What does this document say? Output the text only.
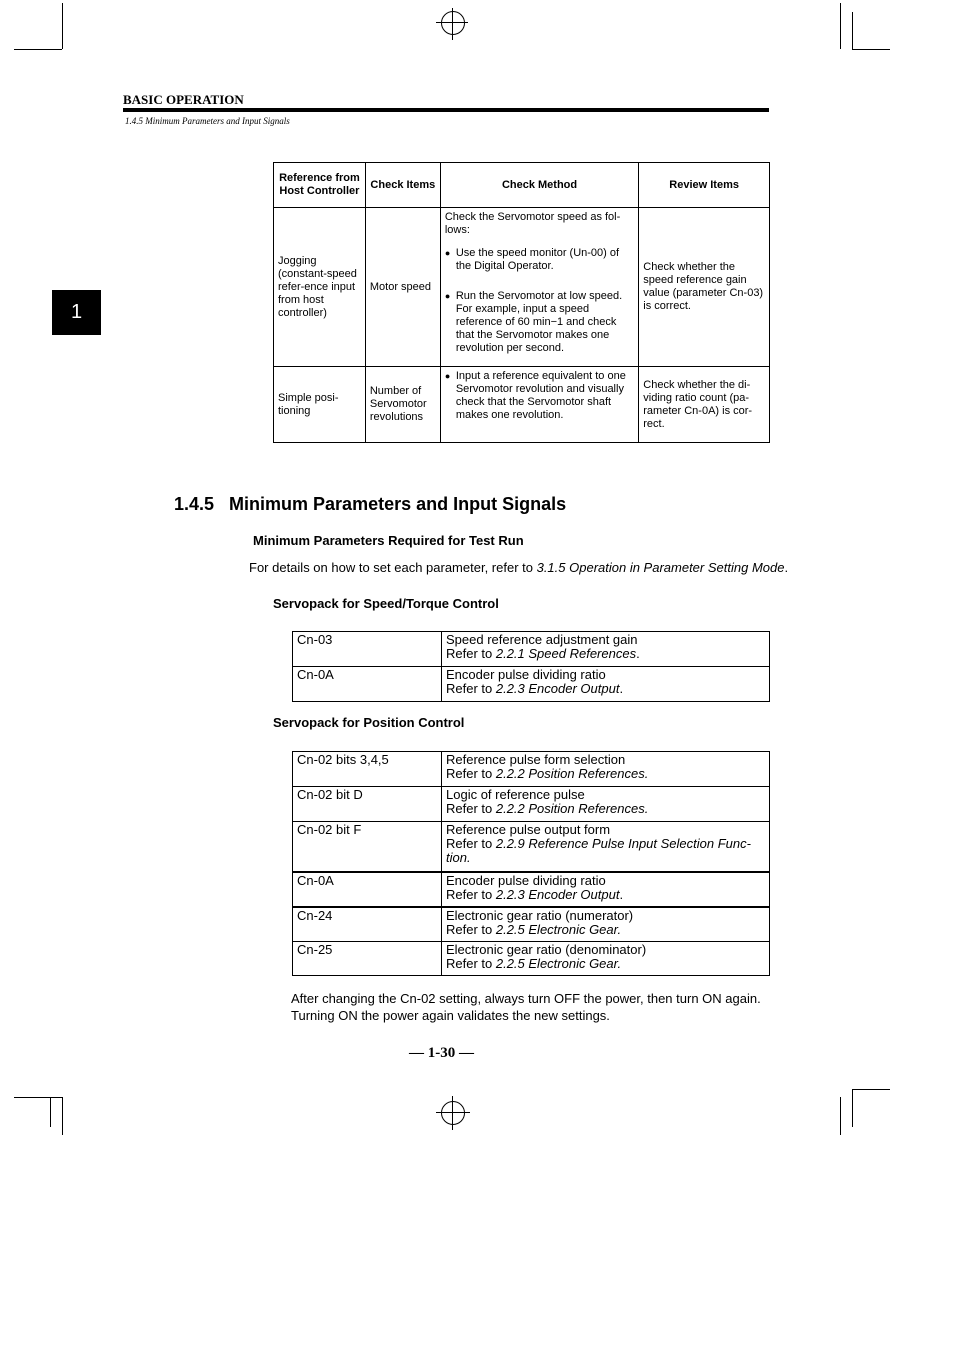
BASIC OPERATION
1.4.5 Minimum Parameters and Input Signals
1
Reference from Host Controller	Check Items	Check Method	Review Items
Jogging (constant-speed refer-ence input from host controller)	Motor speed	Check the Servomotor speed as fol-lows:

● Use the speed monitor (Un-00) of the Digital Operator.

● Run the Servomotor at low speed. For example, input a speed reference of 60 min−1 and check that the Servomotor makes one revolution per second.	Check whether the speed reference gain value (parameter Cn-03) is correct.
Simple posi-tioning	Number of Servomotor revolutions	● Input a reference equivalent to one Servomotor revolution and visually check that the Servomotor shaft makes one revolution.	Check whether the di-viding ratio count (pa-rameter Cn-0A) is cor-rect.
1.4.5   Minimum Parameters and Input Signals
Minimum Parameters Required for Test Run
For details on how to set each parameter, refer to 3.1.5 Operation in Parameter Setting Mode.
Servopack for Speed/Torque Control
Cn-03	Speed reference adjustment gain
Refer to 2.2.1 Speed References.

Cn-0A	Encoder pulse dividing ratio
Refer to 2.2.3 Encoder Output.
Servopack for Position Control
Cn-02 bits 3,4,5	Reference pulse form selection
Refer to 2.2.2 Position References.

Cn-02 bit D	Logic of reference pulse
Refer to 2.2.2 Position References.

Cn-02 bit F	Reference pulse output form
Refer to 2.2.9 Reference Pulse Input Selection Func-tion.

Cn-0A	Encoder pulse dividing ratio
Refer to 2.2.3 Encoder Output.

Cn-24	Electronic gear ratio (numerator)
Refer to 2.2.5 Electronic Gear.

Cn-25	Electronic gear ratio (denominator)
Refer to 2.2.5 Electronic Gear.
After changing the Cn-02 setting, always turn OFF the power, then turn ON again. Turning ON the power again validates the new settings.
— 1-30 —
